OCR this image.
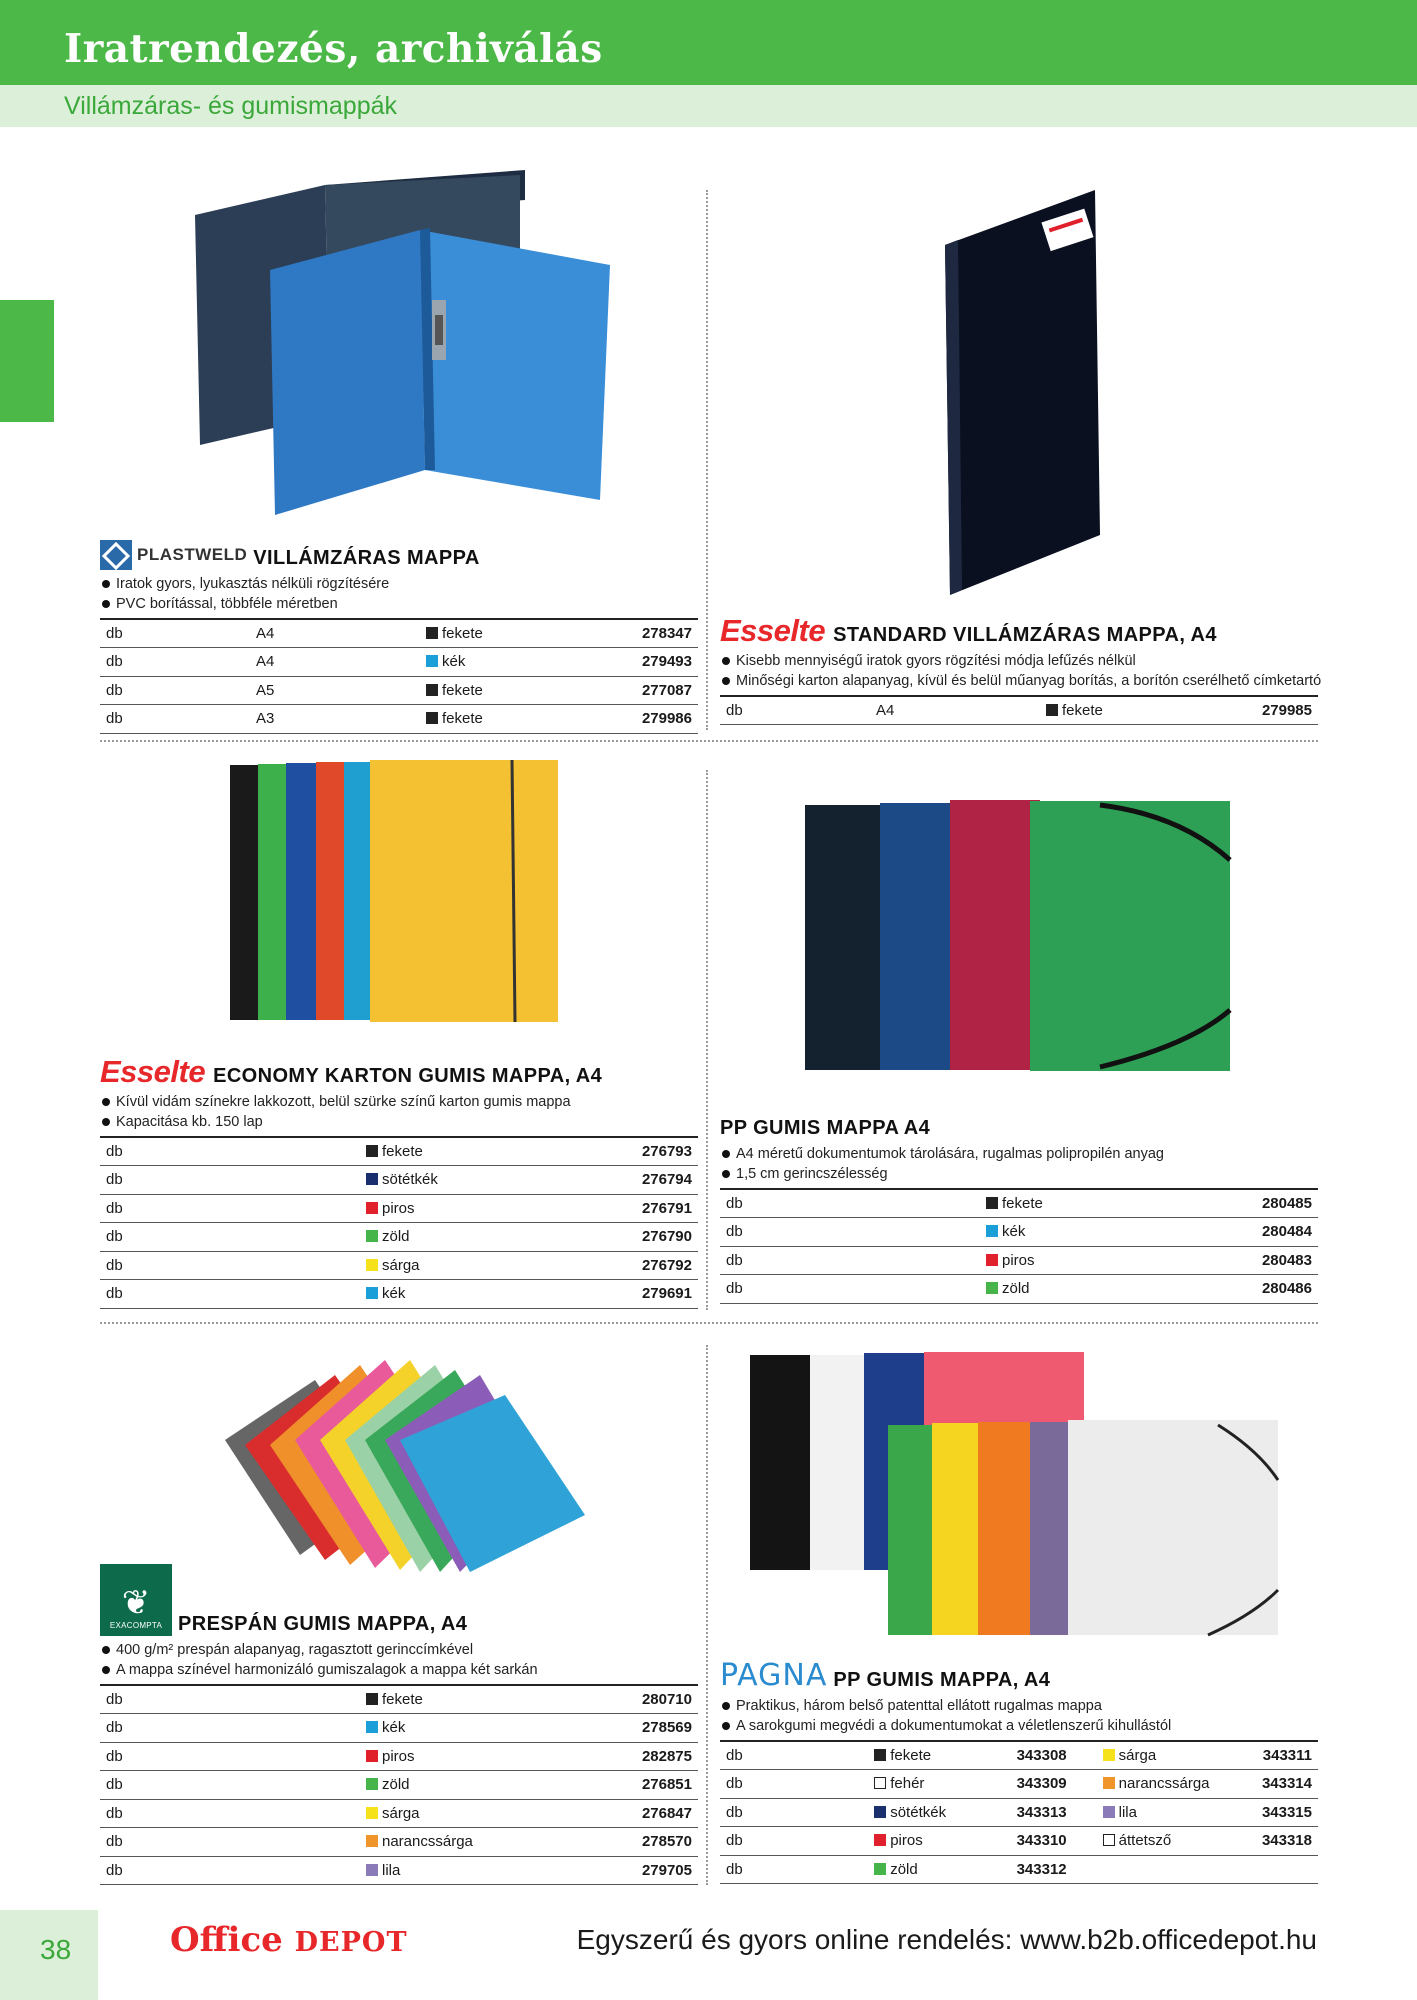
Iratrendezés, archiválás
Villámzáras- és gumismappák
PLASTWELD VILLÁMZÁRAS MAPPA
Iratok gyors, lyukasztás nélküli rögzítésére
PVC borítással, többféle méretben
db	A4	fekete	278347
db	A4	kék	279493
db	A5	fekete	277087
db	A3	fekete	279986
Esselte STANDARD VILLÁMZÁRAS MAPPA, A4
Kisebb mennyiségű iratok gyors rögzítési módja lefűzés nélkül
Minőségi karton alapanyag, kívül és belül műanyag borítás, a borítón cserélhető címketartó
db	A4	fekete	279985
Esselte ECONOMY KARTON GUMIS MAPPA, A4
Kívül vidám színekre lakkozott, belül szürke színű karton gumis mappa
Kapacitása kb. 150 lap
db	fekete	276793
db	sötétkék	276794
db	piros	276791
db	zöld	276790
db	sárga	276792
db	kék	279691
PP GUMIS MAPPA A4
A4 méretű dokumentumok tárolására, rugalmas polipropilén anyag
1,5 cm gerincszélesség
db	fekete	280485
db	kék	280484
db	piros	280483
db	zöld	280486
❦
EXACOMPTA PRESPÁN GUMIS MAPPA, A4
400 g/m² prespán alapanyag, ragasztott gerinccímkével
A mappa színével harmonizáló gumiszalagok a mappa két sarkán
db	fekete	280710
db	kék	278569
db	piros	282875
db	zöld	276851
db	sárga	276847
db	narancssárga	278570
db	lila	279705
PAGNA PP GUMIS MAPPA, A4
Praktikus, három belső patenttal ellátott rugalmas mappa
A sarokgumi megvédi a dokumentumokat a véletlenszerű kihullástól
db	fekete	343308	sárga	343311
db	fehér	343309	narancssárga	343314
db	sötétkék	343313	lila	343315
db	piros	343310	áttetsző	343318
db	zöld	343312		
38	Office DEPOT	Egyszerű és gyors online rendelés: www.b2b.officedepot.hu
